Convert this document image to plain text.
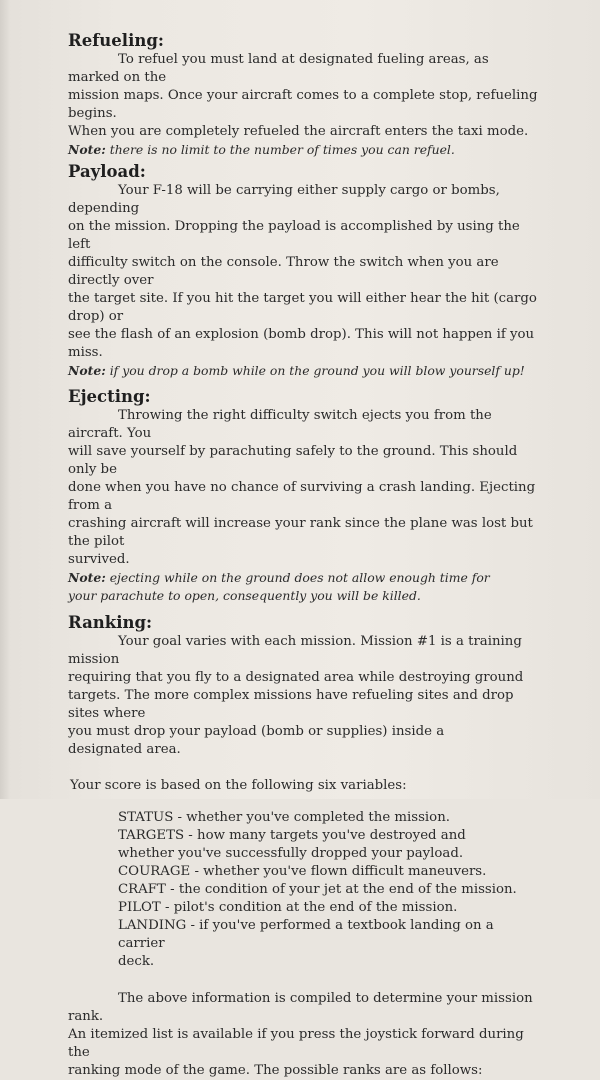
Refueling:

To refuel you must land at designated fueling areas, as marked on the

mission maps. Once your aircraft comes to a complete stop, refueling begins.

When you are completely refueled the aircraft enters the taxi mode.

Note: there is no limit to the number of times you can refuel.

Payload:

Your F-18 will be carrying either supply cargo or bombs, depending

on the mission. Dropping the payload is accomplished by using the left

difficulty switch on the console. Throw the switch when you are directly over

the target site. If you hit the target you will either hear the hit (cargo drop) or

see the flash of an explosion (bomb drop). This will not happen if you miss.

Note: if you drop a bomb while on the ground you will blow yourself up!

Ejecting:

Throwing the right difficulty switch ejects you from the aircraft. You

will save yourself by parachuting safely to the ground. This should only be

done when you have no chance of surviving a crash landing. Ejecting from a

crashing aircraft will increase your rank since the plane was lost but the pilot

survived.

Note: ejecting while on the ground does not allow enough time for

your parachute to open, consequently you will be killed.

Ranking:

Your goal varies with each mission. Mission #1 is a training mission

requiring that you fly to a designated area while destroying ground

targets. The more complex missions have refueling sites and drop sites where

you must drop your payload (bomb or supplies) inside a

designated area.

Your score is based on the following six variables:

STATUS - whether you've completed the mission.

TARGETS - how many targets you've destroyed and

whether you've successfully dropped your payload.

COURAGE - whether you've flown difficult maneuvers.

CRAFT - the condition of your jet at the end of the mission.

PILOT - pilot's condition at the end of the mission.

LANDING - if you've performed a textbook landing on a carrier

deck.

The above information is compiled to determine your mission rank.

An itemized list is available if you press the joystick forward during the

ranking mode of the game. The possible ranks are as follows:
